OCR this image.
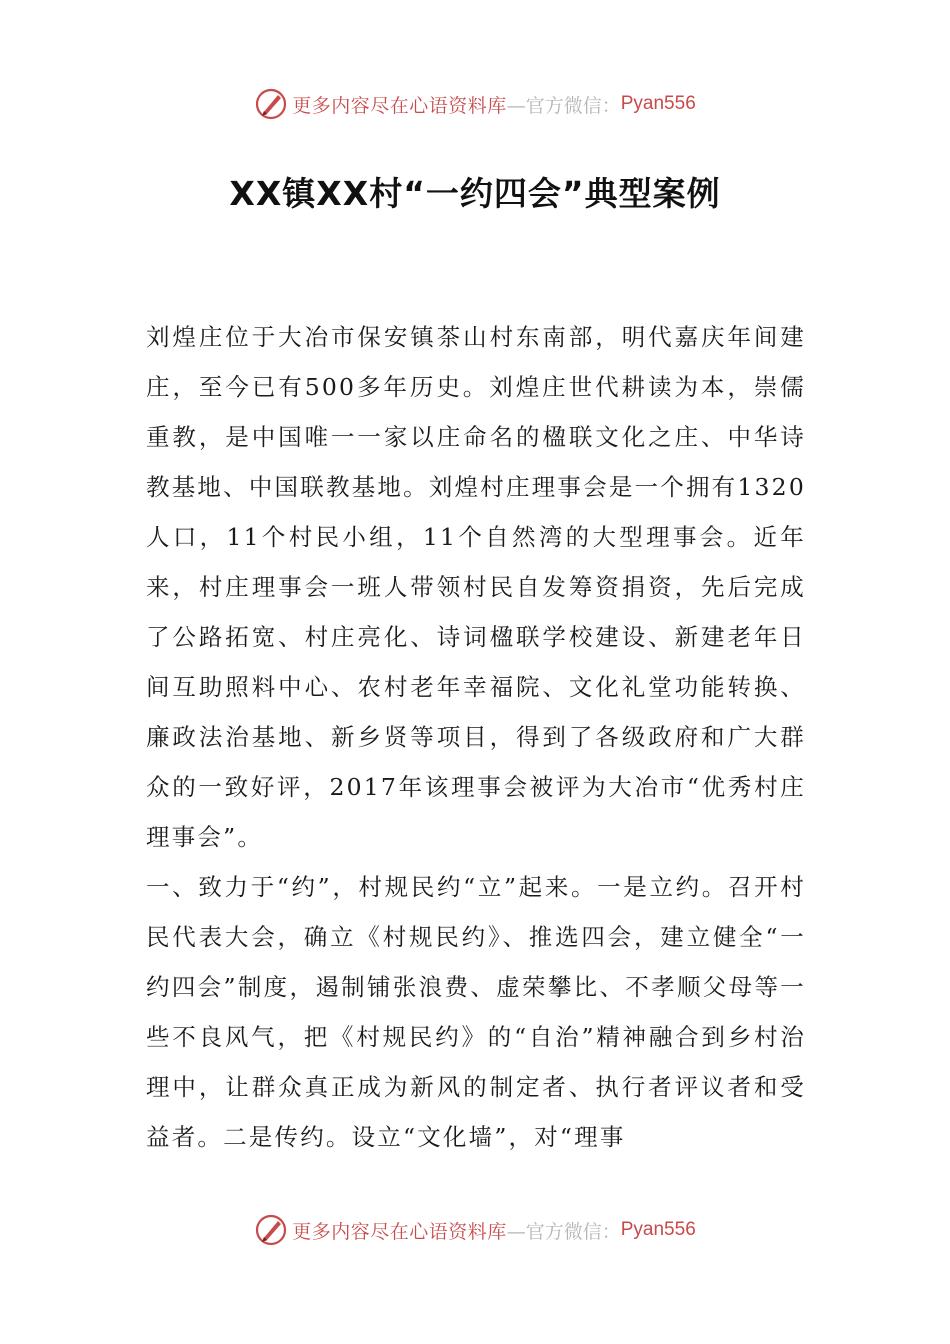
更多内容尽在心语资料库 —官方微信： Pyan556
XX镇XX村“一约四会”典型案例

刘煌庄位于大冶市保安镇茶山村东南部，明代嘉庆年间建庄，至今已有500多年历史。刘煌庄世代耕读为本，崇儒重教，是中国唯一一家以庄命名的楹联文化之庄、中华诗教基地、中国联教基地。刘煌村庄理事会是一个拥有1320人口，11个村民小组，11个自然湾的大型理事会。近年来，村庄理事会一班人带领村民自发筹资捐资，先后完成了公路拓宽、村庄亮化、诗词楹联学校建设、新建老年日间互助照料中心、农村老年幸福院、文化礼堂功能转换、廉政法治基地、新乡贤等项目，得到了各级政府和广大群众的一致好评，2017年该理事会被评为大冶市“优秀村庄理事会”。

一、致力于“约”，村规民约“立”起来。一是立约。召开村民代表大会，确立《村规民约》、推选四会，建立健全“一约四会”制度，遏制铺张浪费、虚荣攀比、不孝顺父母等一些不良风气，把《村规民约》的“自治”精神融合到乡村治理中，让群众真正成为新风的制定者、执行者评议者和受益者。二是传约。设立“文化墙”，对“理事

更多内容尽在心语资料库 —官方微信： Pyan556
